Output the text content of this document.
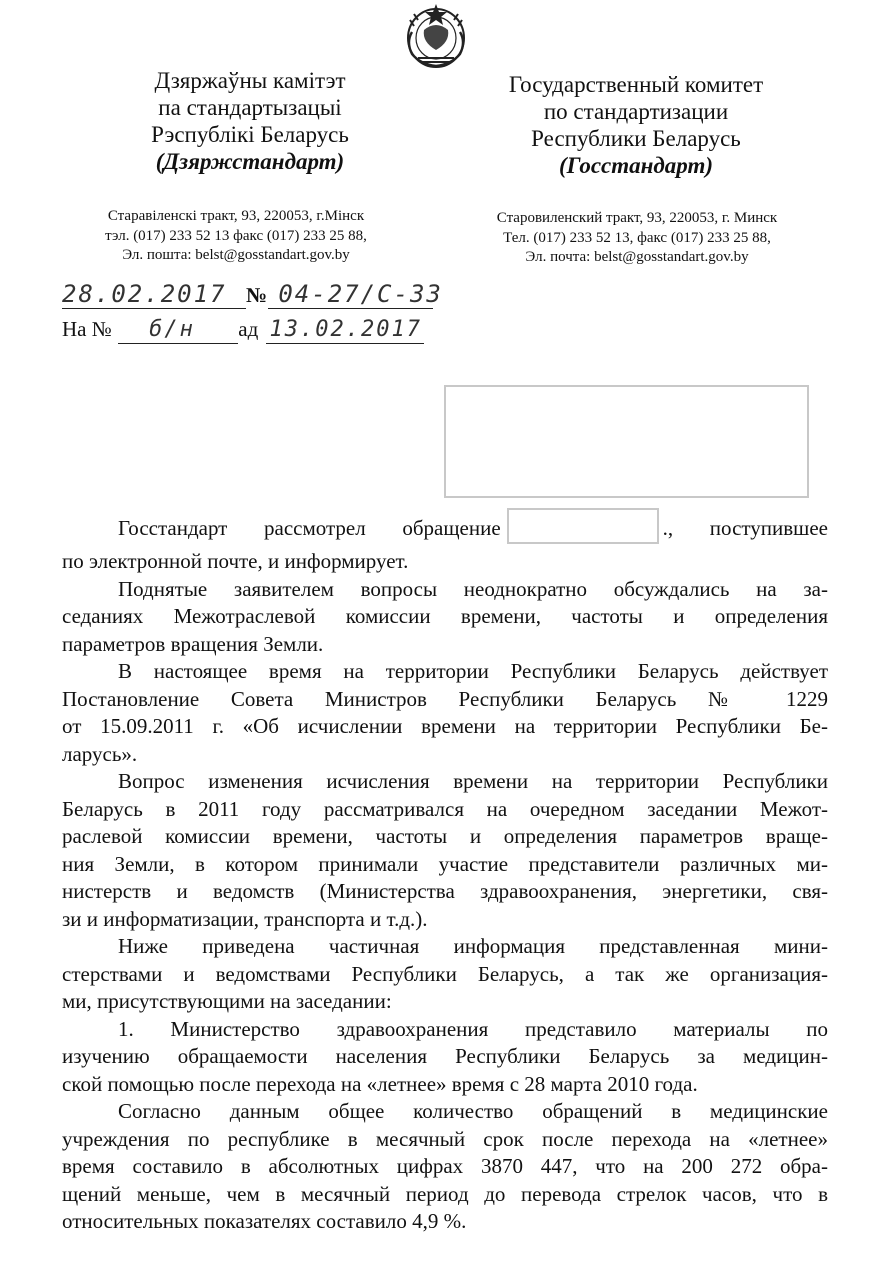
Дзяржаўны камітэт
па стандартызацыі
Рэспублікі Беларусь
(Дзяржстандарт)
Государственный комитет
по стандартизации
Республики Беларусь
(Госстандарт)
Старавіленскі тракт, 93, 220053, г.Мінск
тэл. (017) 233 52 13 факс (017) 233 25 88,
Эл. пошта: belst@gosstandart.gov.by
Старовиленский тракт, 93, 220053, г. Минск
Тел. (017) 233 52 13, факс (017) 233 25 88,
Эл. почта: belst@gosstandart.gov.by
28.02.2017 № 04-27/C-33
На № б/н ад 13.02.2017
Госстандарт рассмотрел обращение	., поступившее
по электронной почте, и информирует.
Поднятые заявителем вопросы неоднократно обсуждались на за-
седаниях Межотраслевой комиссии времени, частоты и определения
параметров вращения Земли.
В настоящее время на территории Республики Беларусь действует
Постановление Совета Министров Республики Беларусь № 1229
от 15.09.2011 г. «Об исчислении времени на территории Республики Бе-
ларусь».
Вопрос изменения исчисления времени на территории Республики
Беларусь в 2011 году рассматривался на очередном заседании Межот-
раслевой комиссии времени, частоты и определения параметров враще-
ния Земли, в котором принимали участие представители различных ми-
нистерств и ведомств (Министерства здравоохранения, энергетики, свя-
зи и информатизации, транспорта и т.д.).
Ниже приведена частичная информация представленная мини-
стерствами и ведомствами Республики Беларусь, а так же организация-
ми, присутствующими на заседании:
1. Министерство здравоохранения представило материалы по
изучению обращаемости населения Республики Беларусь за медицин-
ской помощью после перехода на «летнее» время с 28 марта 2010 года.
Согласно данным общее количество обращений в медицинские
учреждения по республике в месячный срок после перехода на «летнее»
время составило в абсолютных цифрах 3870 447, что на 200 272 обра-
щений меньше, чем в месячный период до перевода стрелок часов, что в
относительных показателях составило 4,9 %.
